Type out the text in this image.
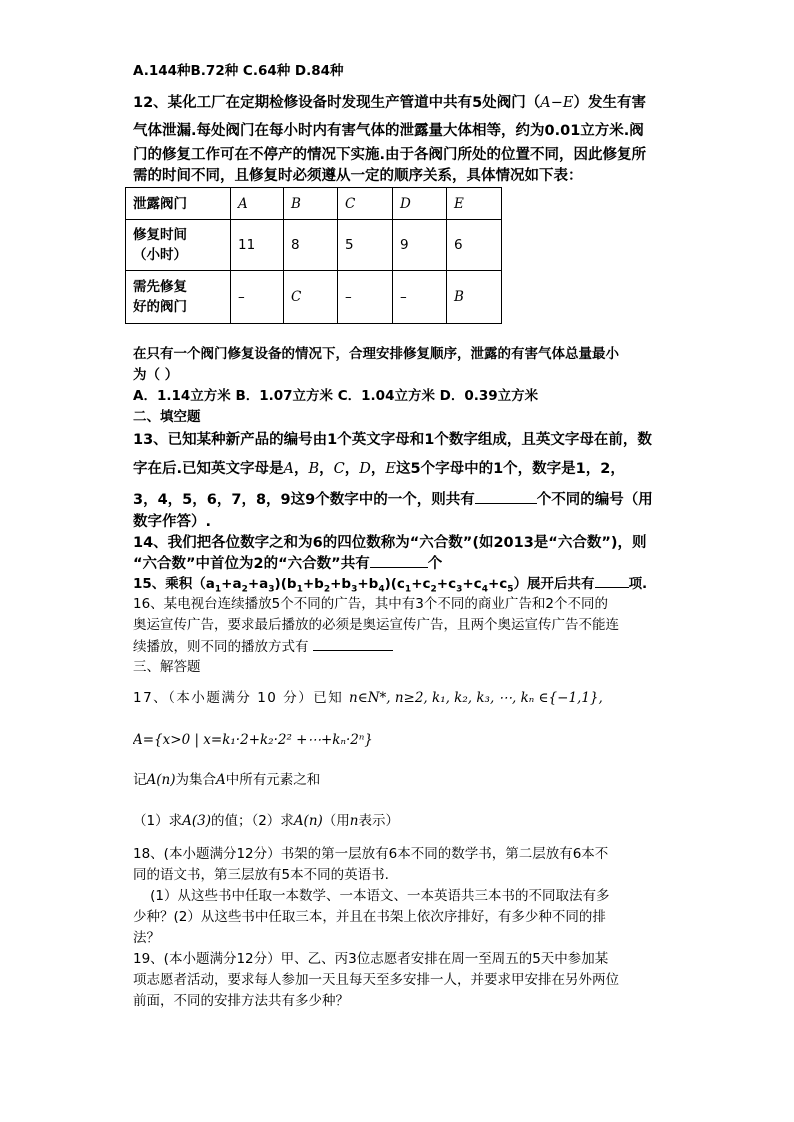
A.144种B.72种 C.64种 D.84种
12、某化工厂在定期检修设备时发现生产管道中共有5处阀门（A−E）发生有害
气体泄漏.每处阀门在每小时内有害气体的泄露量大体相等，约为0.01立方米.阀
门的修复工作可在不停产的情况下实施.由于各阀门所处的位置不同，因此修复所
需的时间不同，且修复时必须遵从一定的顺序关系，具体情况如下表：
泄露阀门	A	B	C	D	E

修复时间
（小时）	11	8	5	9	6

需先修复
好的阀门	–	C	–	–	B
在只有一个阀门修复设备的情况下，合理安排修复顺序，泄露的有害气体总量最小
为（ ）
A．1.14立方米 B．1.07立方米 C．1.04立方米 D．0.39立方米
二、填空题
13、已知某种新产品的编号由1个英文字母和1个数字组成，且英文字母在前，数
字在后.已知英文字母是A，B，C，D，E这5个字母中的1个，数字是1，2，
3，4，5，6，7，8，9这9个数字中的一个，则共有	个不同的编号（用
数字作答）.
14、我们把各位数字之和为6的四位数称为“六合数”(如2013是“六合数”)，则
“六合数”中首位为2的“六合数”共有	个
15、乘积$(a_1+a_2+a_3)(b_1+b_2+b_3+b_4)(c_1+c_2+c_3+c_4+c_5)$展开后共有	项.
16、某电视台连续播放5个不同的广告，其中有3个不同的商业广告和2个不同的
奥运宣传广告，要求最后播放的必须是奥运宣传广告，且两个奥运宣传广告不能连
续播放，则不同的播放方式有
三、解答题
17、（本小题满分 10 分）已知 n∈N*, n≥2, k₁, k₂, k₃, ⋯, kₙ ∈{−1,1},
A={x>0 | x=k₁·2+k₂·2² +⋯+kₙ·2ⁿ}
记A(n)为集合A中所有元素之和
（1）求A(3)的值；（2）求A(n)（用n表示）
18、(本小题满分12分）书架的第一层放有6本不同的数学书，第二层放有6本不
同的语文书，第三层放有5本不同的英语书.
(1）从这些书中任取一本数学、一本语文、一本英语共三本书的不同取法有多
少种？(2）从这些书中任取三本，并且在书架上依次序排好，有多少种不同的排
法？
19、(本小题满分12分）甲、乙、丙3位志愿者安排在周一至周五的5天中参加某
项志愿者活动，要求每人参加一天且每天至多安排一人，并要求甲安排在另外两位
前面，不同的安排方法共有多少种？
